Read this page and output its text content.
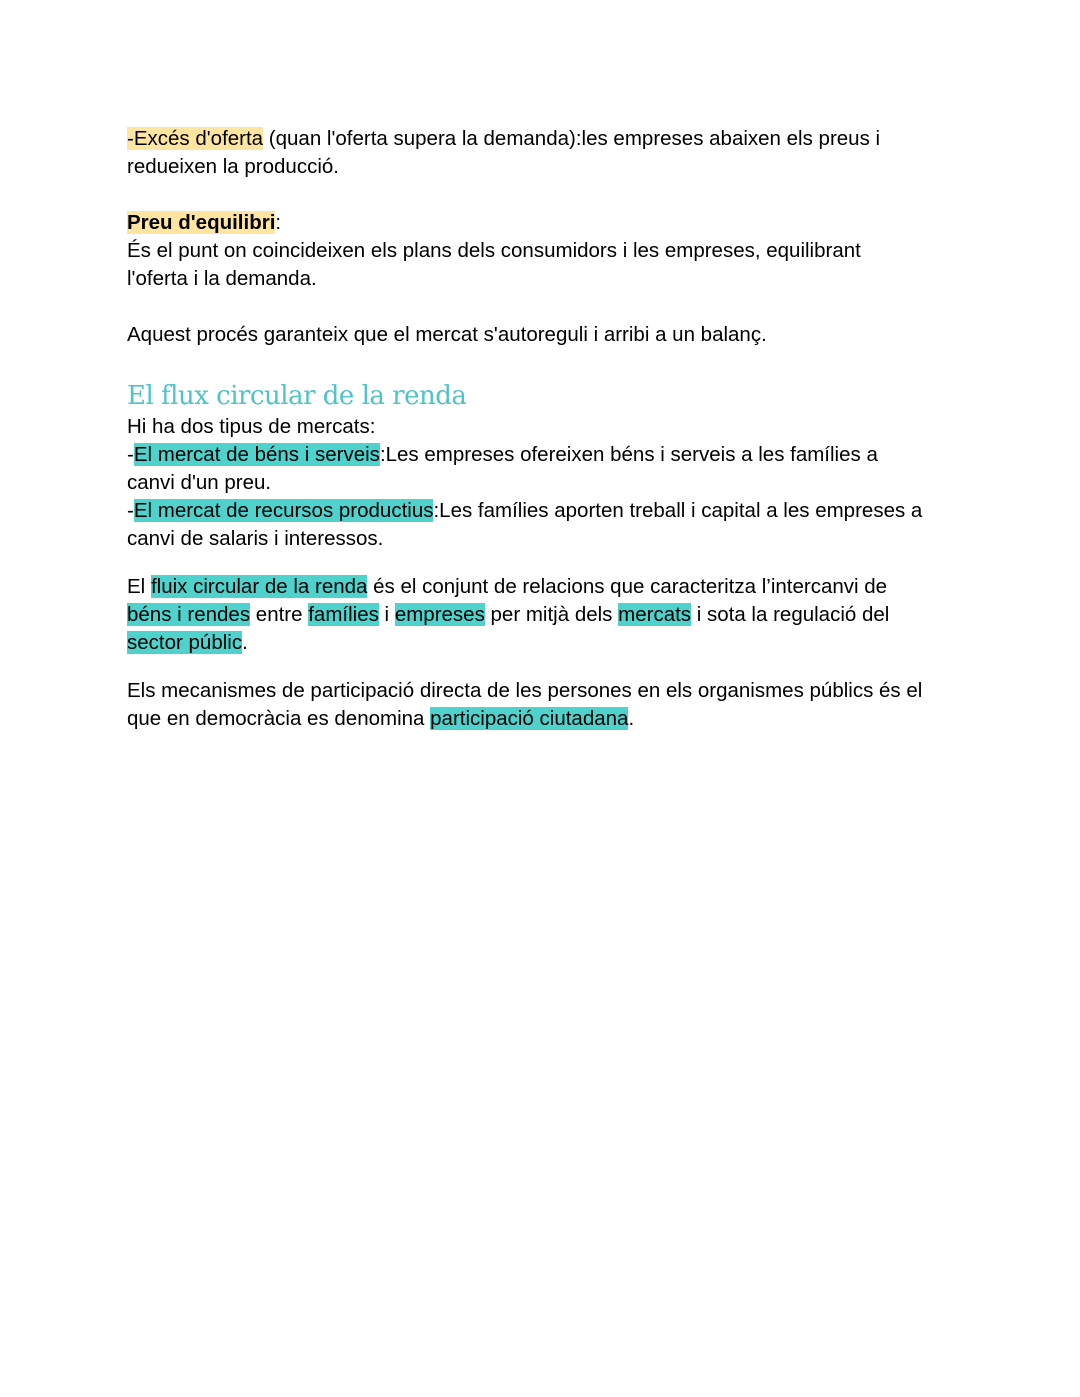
-Excés d'oferta (quan l'oferta supera la demanda):les empreses abaixen els preus i
redueixen la producció.

Preu d'equilibri:

És el punt on coincideixen els plans dels consumidors i les empreses, equilibrant
l'oferta i la demanda.

Aquest procés garanteix que el mercat s'autoreguli i arribi a un balanç.

El flux circular de la renda

Hi ha dos tipus de mercats:

-El mercat de béns i serveis:Les empreses ofereixen béns i serveis a les famílies a
canvi d'un preu.

-El mercat de recursos productius:Les famílies aporten treball i capital a les empreses a
canvi de salaris i interessos.

El fluix circular de la renda és el conjunt de relacions que caracteritza l’intercanvi de
béns i rendes entre famílies i empreses per mitjà dels mercats i sota la regulació del
sector públic.

Els mecanismes de participació directa de les persones en els organismes públics és el
que en democràcia es denomina participació ciutadana.
